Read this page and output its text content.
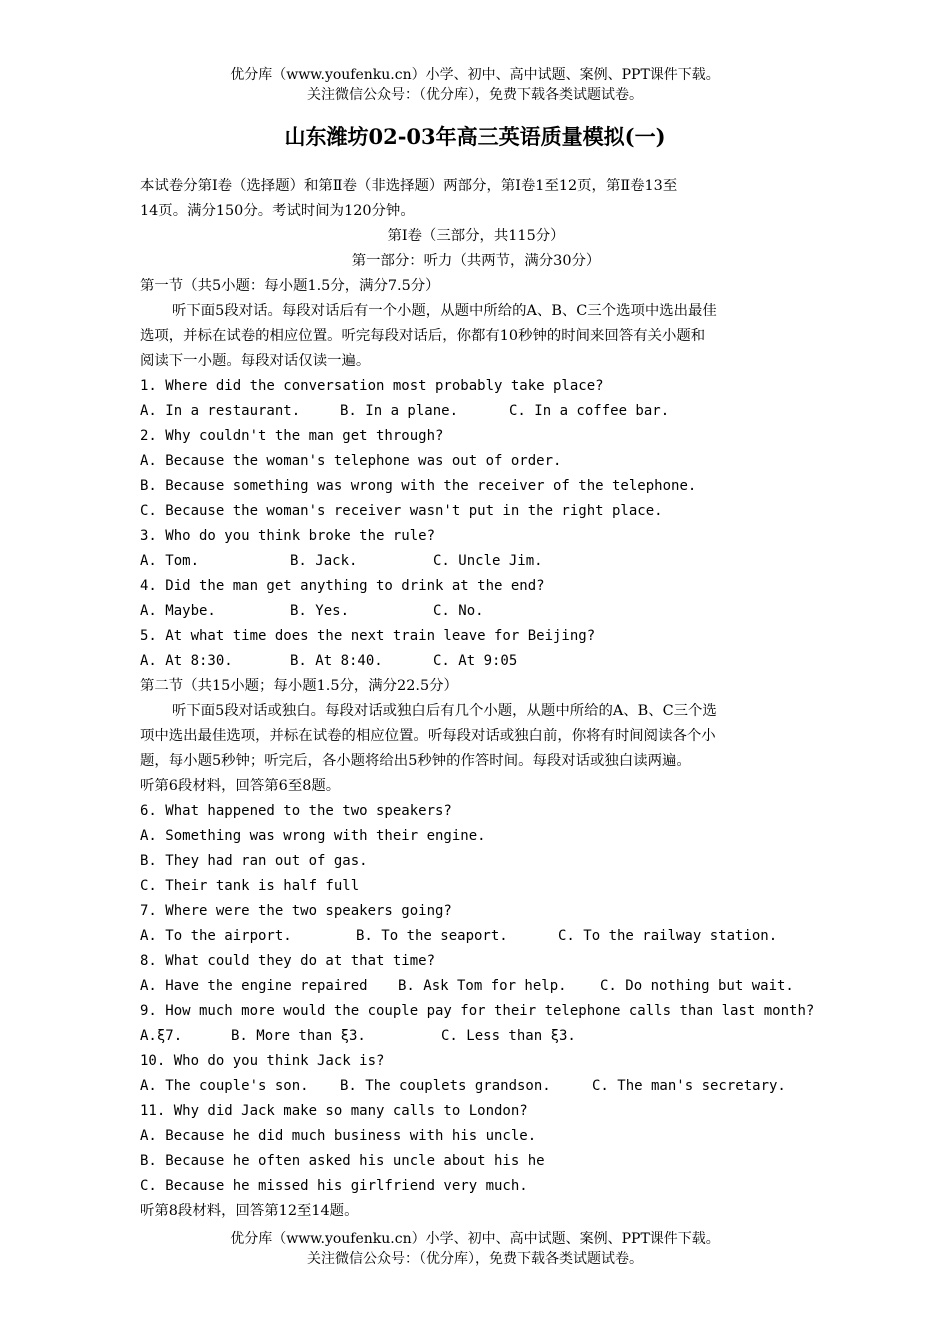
优分库（www.youfenku.cn）小学、初中、高中试题、案例、PPT课件下载。
关注微信公众号：（优分库），免费下载各类试题试卷。
山东潍坊02-03年高三英语质量模拟(一)
本试卷分第Ⅰ卷（选择题）和第Ⅱ卷（非选择题）两部分，第Ⅰ卷1至12页，第Ⅱ卷13至
14页。满分150分。考试时间为120分钟。
第Ⅰ卷（三部分，共115分）
第一部分：听力（共两节，满分30分）
第一节（共5小题：每小题1.5分，满分7.5分）
听下面5段对话。每段对话后有一个小题，从题中所给的A、B、C三个选项中选出最佳
选项，并标在试卷的相应位置。听完每段对话后，你都有10秒钟的时间来回答有关小题和
阅读下一小题。每段对话仅读一遍。
1. Where did the conversation most probably take place?
A. In a restaurant.	B. In a plane.	C. In a coffee bar.
2. Why couldn't the man get through?
A. Because the woman's telephone was out of order.
B. Because something was wrong with the receiver of the telephone.
C. Because the woman's receiver wasn't put in the right place.
3. Who do you think broke the rule?
A. Tom.	B. Jack.	C. Uncle Jim.
4. Did the man get anything to drink at the end?
A. Maybe.	B. Yes.	C. No.
5. At what time does the next train leave for Beijing?
A. At 8:30.	B. At 8:40.	C. At 9:05
第二节（共15小题；每小题1.5分，满分22.5分）
听下面5段对话或独白。每段对话或独白后有几个小题，从题中所给的A、B、C三个选
项中选出最佳选项，并标在试卷的相应位置。听每段对话或独白前，你将有时间阅读各个小
题，每小题5秒钟；听完后，各小题将给出5秒钟的作答时间。每段对话或独白读两遍。
听第6段材料，回答第6至8题。
6. What happened to the two speakers?
A. Something was wrong with their engine.
B. They had ran out of gas.
C. Their tank is half full
7. Where were the two speakers going?
A. To the airport.	B. To the seaport.	C. To the railway station.
8. What could they do at that time?
A. Have the engine repaired B. Ask Tom for help. C. Do nothing but wait.
9. How much more would the couple pay for their telephone calls than last month?
A.ξ7.	B. More than ξ3.	C. Less than ξ3.
10. Who do you think Jack is?
A. The couple's son. B. The couplets grandson.	C. The man's secretary.
11. Why did Jack make so many calls to London?
A. Because he did much business with his uncle.
B. Because he often asked his uncle about his he
C. Because he missed his girlfriend very much.
听第8段材料，回答第12至14题。
优分库（www.youfenku.cn）小学、初中、高中试题、案例、PPT课件下载。
关注微信公众号：（优分库），免费下载各类试题试卷。
